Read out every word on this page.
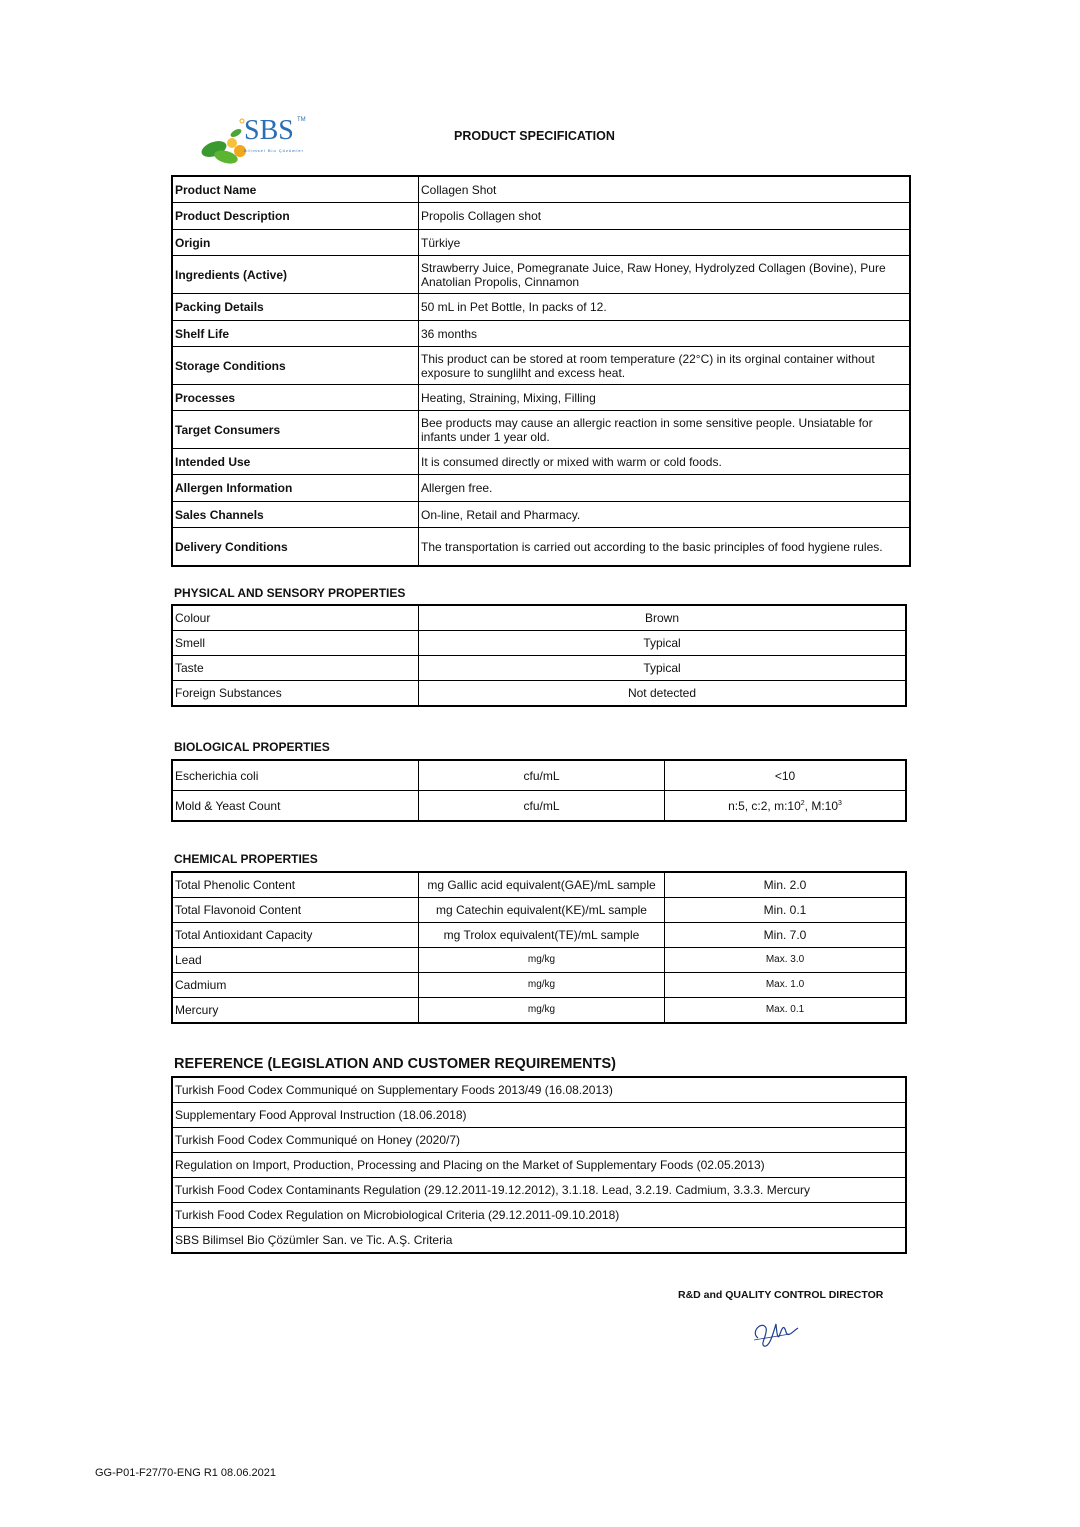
SBS TM
Bilimsel Bio Çözümler
PRODUCT SPECIFICATION
Product Name	Collagen Shot
Product Description	Propolis Collagen shot
Origin	Türkiye
Ingredients (Active)	Strawberry Juice, Pomegranate Juice, Raw Honey, Hydrolyzed Collagen (Bovine), Pure Anatolian Propolis, Cinnamon
Packing Details	50 mL in Pet Bottle, In packs of 12.
Shelf Life	36 months
Storage Conditions	This product can be stored at room temperature (22°C) in its orginal container without exposure to sunglilht and excess heat.
Processes	Heating, Straining, Mixing, Filling
Target Consumers	Bee products may cause an allergic reaction in some sensitive people. Unsiatable for infants under 1 year old.
Intended Use	It is consumed directly or mixed with warm or cold foods.
Allergen Information	Allergen free.
Sales Channels	On-line, Retail and Pharmacy.
Delivery Conditions	The transportation is carried out according to the basic principles of food hygiene rules.
PHYSICAL AND SENSORY PROPERTIES
Colour	Brown
Smell	Typical
Taste	Typical
Foreign Substances	Not detected
BIOLOGICAL PROPERTIES
Escherichia coli	cfu/mL	<10
Mold & Yeast Count	cfu/mL	n:5, c:2, $m:10^2$, $M:10^3$
CHEMICAL PROPERTIES
Total Phenolic Content	mg Gallic acid equivalent(GAE)/mL sample	Min. 2.0
Total Flavonoid Content	mg Catechin equivalent(KE)/mL sample	Min. 0.1
Total Antioxidant Capacity	mg Trolox equivalent(TE)/mL sample	Min. 7.0
Lead	mg/kg	Max. 3.0
Cadmium	mg/kg	Max. 1.0
Mercury	mg/kg	Max. 0.1
REFERENCE (LEGISLATION AND CUSTOMER REQUIREMENTS)
Turkish Food Codex Communiqué on Supplementary Foods 2013/49 (16.08.2013)
Supplementary Food Approval Instruction (18.06.2018)
Turkish Food Codex Communiqué on Honey (2020/7)
Regulation on Import, Production, Processing and Placing on the Market of Supplementary Foods (02.05.2013)
Turkish Food Codex Contaminants Regulation (29.12.2011-19.12.2012), 3.1.18. Lead, 3.2.19. Cadmium, 3.3.3. Mercury
Turkish Food Codex Regulation on Microbiological Criteria (29.12.2011-09.10.2018)
SBS Bilimsel Bio Çözümler San. ve Tic. A.Ş. Criteria
R&D and QUALITY CONTROL DIRECTOR
GG-P01-F27/70-ENG R1 08.06.2021
